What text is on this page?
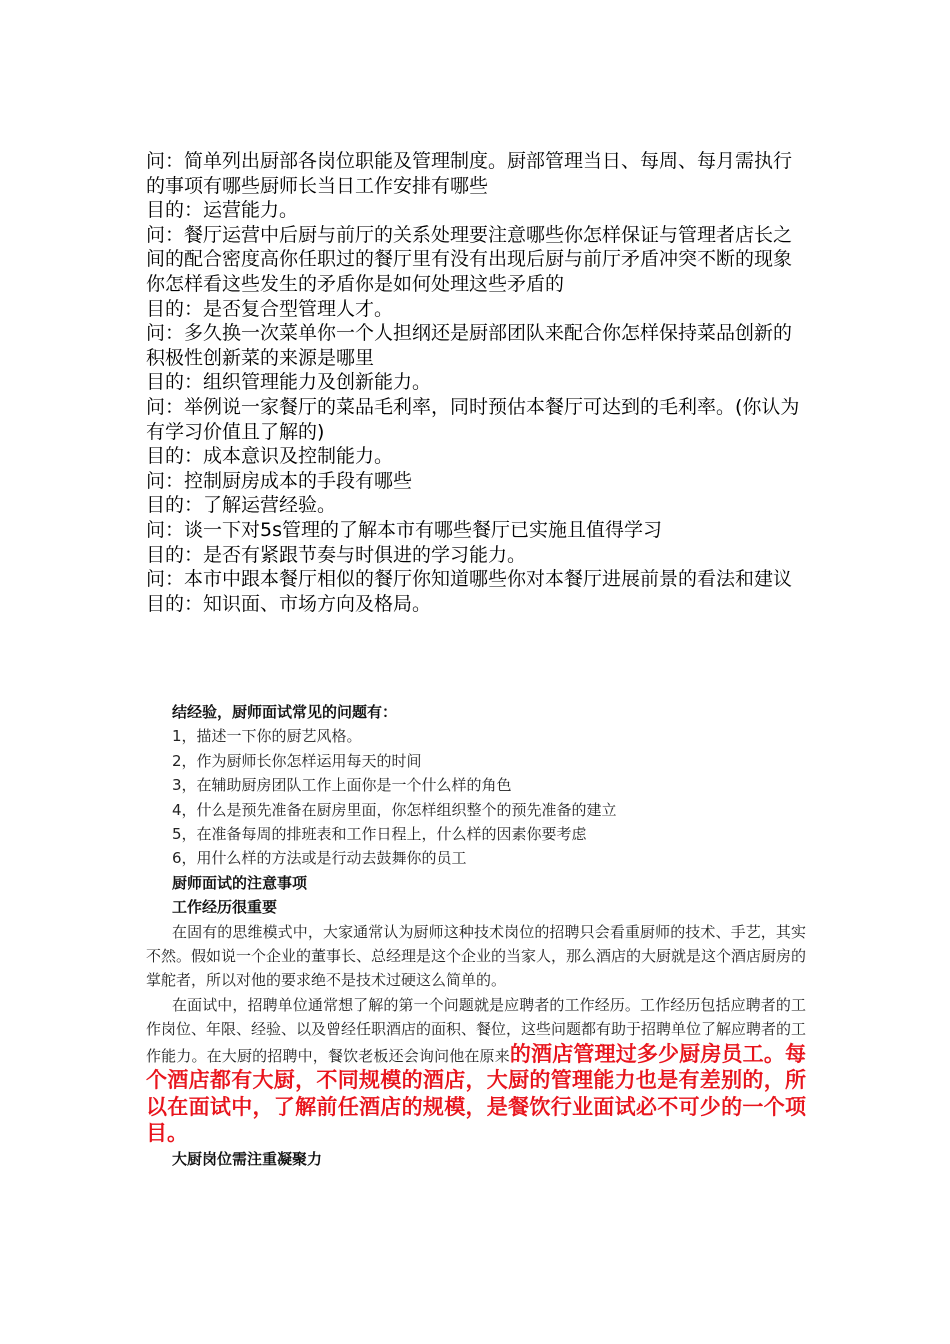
问：简单列出厨部各岗位职能及管理制度。厨部管理当日、每周、每月需执行的事项有哪些厨师长当日工作安排有哪些

目的：运营能力。

问：餐厅运营中后厨与前厅的关系处理要注意哪些你怎样保证与管理者店长之间的配合密度高你任职过的餐厅里有没有出现后厨与前厅矛盾冲突不断的现象你怎样看这些发生的矛盾你是如何处理这些矛盾的

目的：是否复合型管理人才。

问：多久换一次菜单你一个人担纲还是厨部团队来配合你怎样保持菜品创新的积极性创新菜的来源是哪里

目的：组织管理能力及创新能力。

问：举例说一家餐厅的菜品毛利率，同时预估本餐厅可达到的毛利率。(你认为有学习价值且了解的)

目的：成本意识及控制能力。

问：控制厨房成本的手段有哪些

目的：了解运营经验。

问：谈一下对5s管理的了解本市有哪些餐厅已实施且值得学习

目的：是否有紧跟节奏与时俱进的学习能力。

问：本市中跟本餐厅相似的餐厅你知道哪些你对本餐厅进展前景的看法和建议

目的：知识面、市场方向及格局。

结经验，厨师面试常见的问题有：

1，描述一下你的厨艺风格。

2，作为厨师长你怎样运用每天的时间

3，在辅助厨房团队工作上面你是一个什么样的角色

4，什么是预先准备在厨房里面，你怎样组织整个的预先准备的建立

5，在准备每周的排班表和工作日程上，什么样的因素你要考虑

6，用什么样的方法或是行动去鼓舞你的员工

厨师面试的注意事项

工作经历很重要

在固有的思维模式中，大家通常认为厨师这种技术岗位的招聘只会看重厨师的技术、手艺，其实不然。假如说一个企业的董事长、总经理是这个企业的当家人，那么酒店的大厨就是这个酒店厨房的掌舵者，所以对他的要求绝不是技术过硬这么简单的。

在面试中，招聘单位通常想了解的第一个问题就是应聘者的工作经历。工作经历包括应聘者的工作岗位、年限、经验、以及曾经任职酒店的面积、餐位，这些问题都有助于招聘单位了解应聘者的工作能力。在大厨的招聘中，餐饮老板还会询问他在原来的酒店管理过多少厨房员工。每个酒店都有大厨，不同规模的酒店，大厨的管理能力也是有差别的，所以在面试中，了解前任酒店的规模，是餐饮行业面试必不可少的一个项目。

大厨岗位需注重凝聚力
